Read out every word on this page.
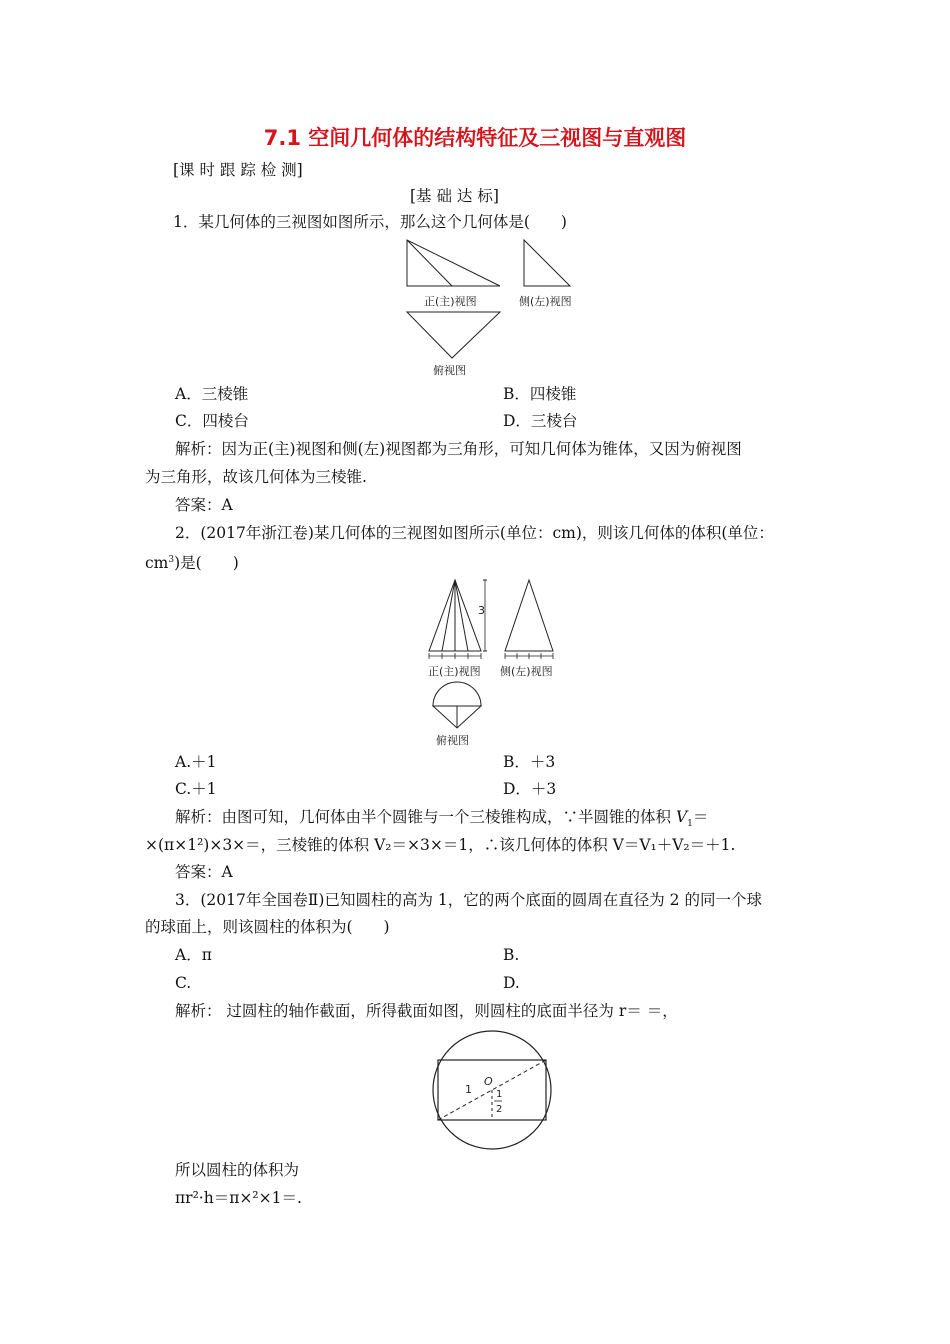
7.1 空间几何体的结构特征及三视图与直观图
[课 时 跟 踪 检 测]
[基 础 达 标]
1．某几何体的三视图如图所示，那么这个几何体是(　　)
正(主)视图	侧(左)视图
俯视图
A．三棱锥	B．四棱锥
C．四棱台	D．三棱台
解析：因为正(主)视图和侧(左)视图都为三角形，可知几何体为锥体，又因为俯视图
为三角形，故该几何体为三棱锥.
答案：A
2．(2017年浙江卷)某几何体的三视图如图所示(单位：cm)，则该几何体的体积(单位：
$cm^3$)是(　　)
3
正(主)视图 侧(左)视图
俯视图
A.＋1	B．＋3
C.＋1	D．＋3
解析：由图可知，几何体由半个圆锥与一个三棱锥构成，∵半圆锥的体积 $V_1=$
×(π×1²)×3×＝，三棱锥的体积 V₂＝×3×＝1，∴该几何体的体积 V＝V₁＋V₂＝＋1.
答案：A
3．(2017年全国卷Ⅱ)已知圆柱的高为 1，它的两个底面的圆周在直径为 2 的同一个球
的球面上，则该圆柱的体积为(　　)
A．π	B.
C.	D.
解析： 过圆柱的轴作截面，所得截面如图，则圆柱的底面半径为 r＝ ＝，
O
1 1
2
所以圆柱的体积为
πr²·h＝π×²×1＝.
